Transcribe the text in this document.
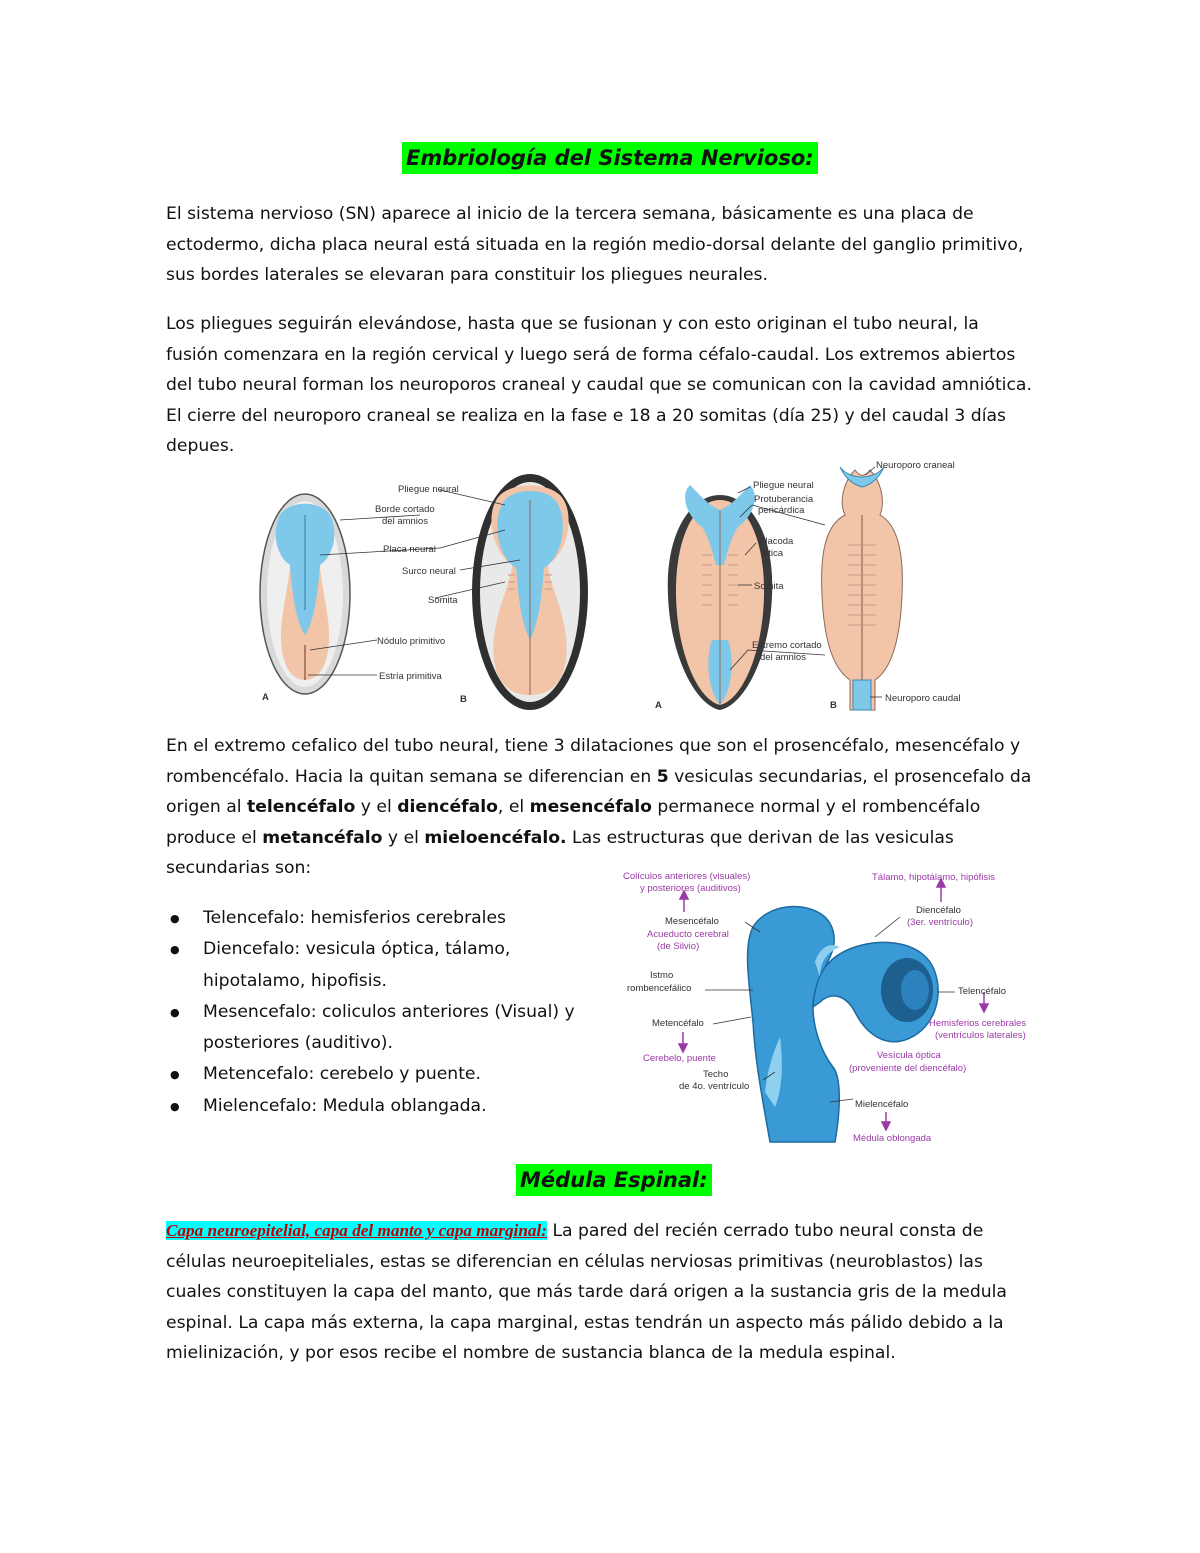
Embriología del Sistema Nervioso:

El sistema nervioso (SN) aparece al inicio de la tercera semana, básicamente es una placa de ectodermo, dicha placa neural está situada en la región medio-dorsal delante del ganglio primitivo, sus bordes laterales se elevaran para constituir los pliegues neurales.

Los pliegues seguirán elevándose, hasta que se fusionan y con esto originan el tubo neural, la fusión comenzara en la región cervical y luego será de forma céfalo-caudal. Los extremos abiertos del tubo neural forman los neuroporos craneal y caudal que se comunican con la cavidad amniótica. El cierre del neuroporo craneal se realiza en la fase e 18 a 20 somitas (día 25) y del caudal 3 días depues.

Pliegue neural
Borde cortado
del amnios
Placa neural
Surco neural
Somita
Nódulo primitivo
Estría primitiva
A	B
Neuroporo craneal
Pliegue neural
Protuberancia
pericárdica
Placoda
ótica
Somita
Extremo cortado
del amnios
Neuroporo caudal
A	B

En el extremo cefalico del tubo neural, tiene 3 dilataciones que son el prosencéfalo, mesencéfalo y rombencéfalo. Hacia la quitan semana se diferencian en 5 vesiculas secundarias, el prosencefalo da origen al telencéfalo y el diencéfalo, el mesencéfalo permanece normal y el rombencéfalo produce el metancéfalo y el mieloencéfalo. Las estructuras que derivan de las vesiculas secundarias son:

● Telencefalo: hemisferios cerebrales
● Diencefalo: vesicula óptica, tálamo, hipotalamo, hipofisis.
● Mesencefalo: coliculos anteriores (Visual) y posteriores (auditivo).
● Metencefalo: cerebelo y puente.
● Mielencefalo: Medula oblangada.
Colículos anteriores (visuales)
y posteriores (auditivos)
Tálamo, hipotálamo, hipófisis
Mesencéfalo
Acueducto cerebral
(de Silvio)
Diencéfalo
(3er. ventrículo)
Istmo
rombencefálico	Telencéfalo
Hemisferios cerebrales
(ventrículos laterales)
Metencéfalo
Cerebelo, puente	Vesícula óptica
(proveniente del diencéfalo)
Techo
de 4o. ventrículo
Mielencéfalo
Médula oblongada
Médula Espinal:

Capa neuroepitelial, capa del manto y capa marginal: La pared del recién cerrado tubo neural consta de células neuroepiteliales, estas se diferencian en células nerviosas primitivas (neuroblastos) las cuales constituyen la capa del manto, que más tarde dará origen a la sustancia gris de la medula espinal. La capa más externa, la capa marginal, estas tendrán un aspecto más pálido debido a la mielinización, y por esos recibe el nombre de sustancia blanca de la medula espinal.
